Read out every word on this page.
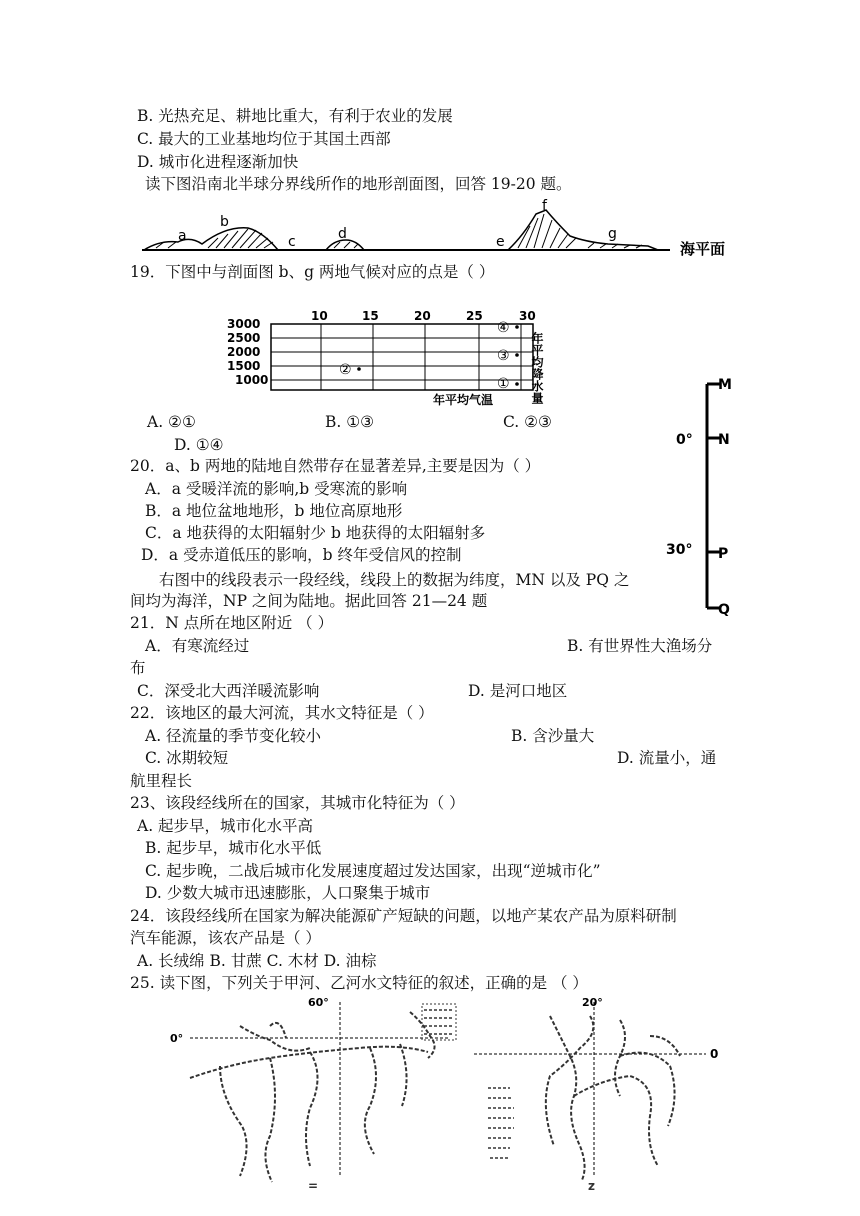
B. 光热充足、耕地比重大，有利于农业的发展
C. 最大的工业基地均位于其国土西部
D. 城市化进程逐渐加快
读下图沿南北半球分界线所作的地形剖面图，回答 19-20 题。
a
b
c	d	e
f
g
海平面
19．下图中与剖面图 b、g 两地气候对应的点是（ ）
10	15	20	25	30
3000
2500
2000
1500
1000	①
②
③
④
年平均降水量
年平均气温
A. ②①	B. ①③	C. ②③
D. ①④
M
N
P
Q
0°
30°
20．a、b 两地的陆地自然带存在显著差异,主要是因为（ ）
A．a 受暖洋流的影响,b 受寒流的影响
B．a 地位盆地地形，b 地位高原地形
C．a 地获得的太阳辐射少 b 地获得的太阳辐射多
D．a 受赤道低压的影响，b 终年受信风的控制
右图中的线段表示一段经线，线段上的数据为纬度，MN 以及 PQ 之
间均为海洋，NP 之间为陆地。据此回答 21—24 题
21．N 点所在地区附近 （ ）
A．有寒流经过	B. 有世界性大渔场分
布
C．深受北大西洋暖流影响	D. 是河口地区
22．该地区的最大河流，其水文特征是（ ）
A. 径流量的季节变化较小	B. 含沙量大
C. 冰期较短	D. 流量小，通
航里程长
23、该段经线所在的国家，其城市化特征为（ ）
A. 起步早，城市化水平高
B. 起步早，城市化水平低
C. 起步晚，二战后城市化发展速度超过发达国家，出现“逆城市化”
D. 少数大城市迅速膨胀，人口聚集于城市
24．该段经线所在国家为解决能源矿产短缺的问题，以地产某农产品为原料研制
汽车能源，该农产品是（ ）
A. 长绒绵 B. 甘蔗 C. 木材 D. 油棕
25. 读下图，下列关于甲河、乙河水文特征的叙述，正确的是 （ ）
60°
0°
=
20°
0
z
